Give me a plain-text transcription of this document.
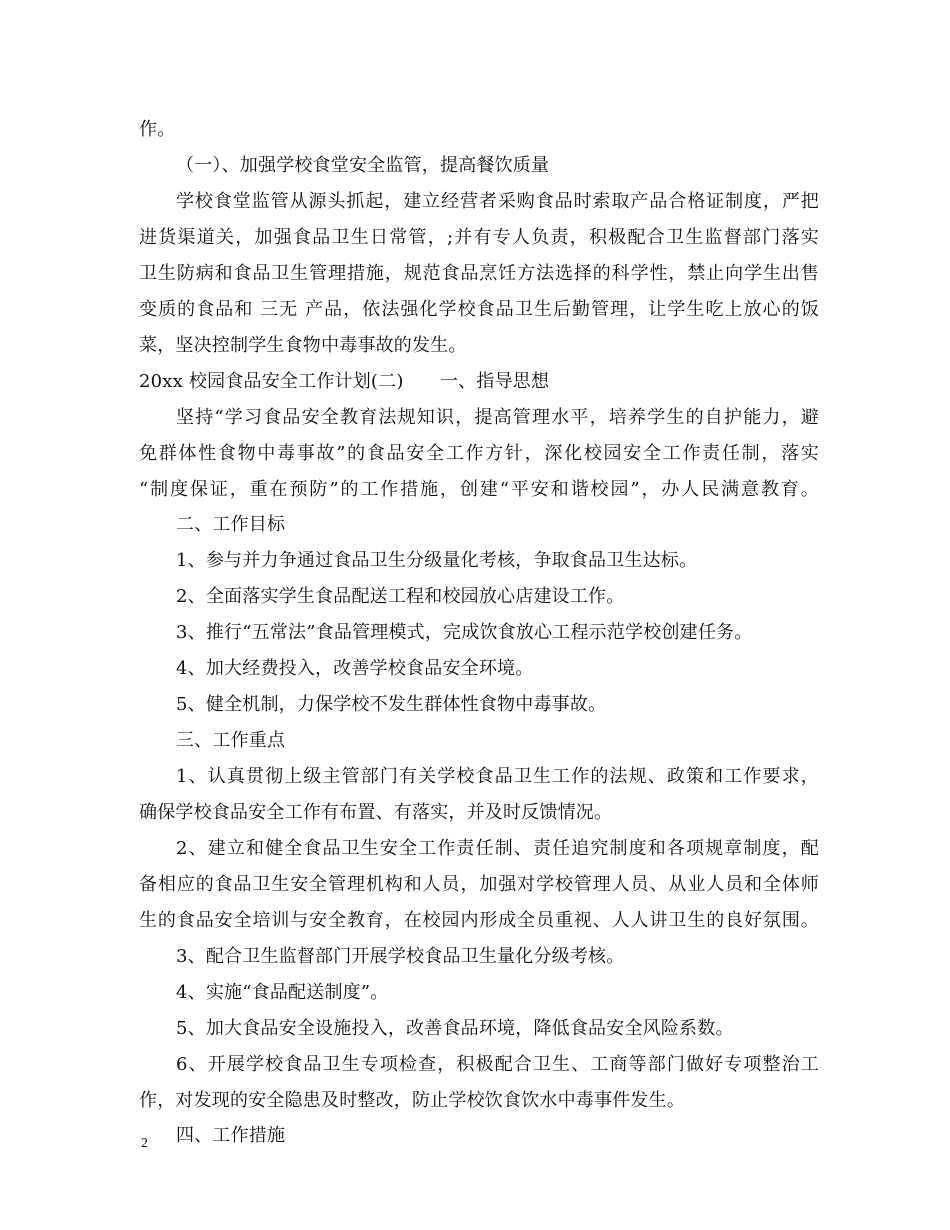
作。
（一）、加强学校食堂安全监管，提高餐饮质量
学校食堂监管从源头抓起，建立经营者采购食品时索取产品合格证制度，严把
进货渠道关，加强食品卫生日常管，;并有专人负责，积极配合卫生监督部门落实
卫生防病和食品卫生管理措施，规范食品烹饪方法选择的科学性，禁止向学生出售
变质的食品和 三无 产品，依法强化学校食品卫生后勤管理，让学生吃上放心的饭
菜，坚决控制学生食物中毒事故的发生。
20xx 校园食品安全工作计划(二)　　一、指导思想
坚持“学习食品安全教育法规知识，提高管理水平，培养学生的自护能力，避
免群体性食物中毒事故”的食品安全工作方针，深化校园安全工作责任制，落实
“制度保证，重在预防”的工作措施，创建“平安和谐校园”，办人民满意教育。
二、工作目标
1、参与并力争通过食品卫生分级量化考核，争取食品卫生达标。
2、全面落实学生食品配送工程和校园放心店建设工作。
3、推行“五常法”食品管理模式，完成饮食放心工程示范学校创建任务。
4、加大经费投入，改善学校食品安全环境。
5、健全机制，力保学校不发生群体性食物中毒事故。
三、工作重点
1、认真贯彻上级主管部门有关学校食品卫生工作的法规、政策和工作要求，
确保学校食品安全工作有布置、有落实，并及时反馈情况。
2、建立和健全食品卫生安全工作责任制、责任追究制度和各项规章制度，配
备相应的食品卫生安全管理机构和人员，加强对学校管理人员、从业人员和全体师
生的食品安全培训与安全教育，在校园内形成全员重视、人人讲卫生的良好氛围。
3、配合卫生监督部门开展学校食品卫生量化分级考核。
4、实施“食品配送制度”。
5、加大食品安全设施投入，改善食品环境，降低食品安全风险系数。
6、开展学校食品卫生专项检查，积极配合卫生、工商等部门做好专项整治工
作，对发现的安全隐患及时整改，防止学校饮食饮水中毒事件发生。
四、工作措施
2
